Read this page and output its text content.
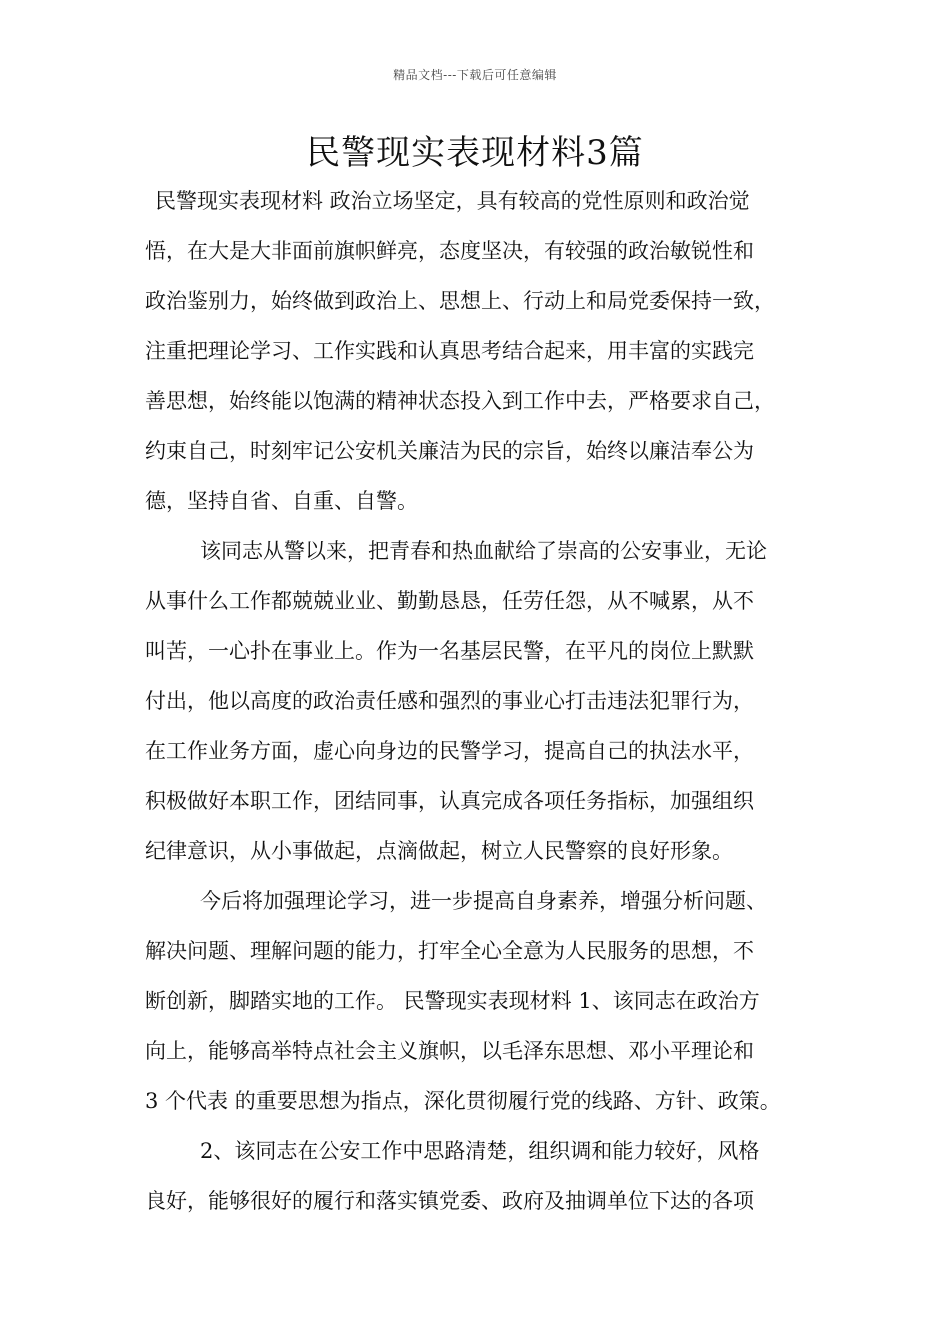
精品文档---下载后可任意编辑
民警现实表现材料3篇
民警现实表现材料 政治立场坚定，具有较高的党性原则和政治觉
悟，在大是大非面前旗帜鲜亮，态度坚决，有较强的政治敏锐性和
政治鉴别力，始终做到政治上、思想上、行动上和局党委保持一致，
注重把理论学习、工作实践和认真思考结合起来，用丰富的实践完
善思想，始终能以饱满的精神状态投入到工作中去，严格要求自己，
约束自己，时刻牢记公安机关廉洁为民的宗旨，始终以廉洁奉公为
德，坚持自省、自重、自警。
该同志从警以来，把青春和热血献给了崇高的公安事业，无论
从事什么工作都兢兢业业、勤勤恳恳，任劳任怨，从不喊累，从不
叫苦，一心扑在事业上。作为一名基层民警，在平凡的岗位上默默
付出，他以高度的政治责任感和强烈的事业心打击违法犯罪行为，
在工作业务方面，虚心向身边的民警学习，提高自己的执法水平，
积极做好本职工作，团结同事，认真完成各项任务指标，加强组织
纪律意识，从小事做起，点滴做起，树立人民警察的良好形象。
今后将加强理论学习，进一步提高自身素养，增强分析问题、
解决问题、理解问题的能力，打牢全心全意为人民服务的思想，不
断创新，脚踏实地的工作。 民警现实表现材料 1、该同志在政治方
向上，能够高举特点社会主义旗帜，以毛泽东思想、邓小平理论和
3 个代表 的重要思想为指点，深化贯彻履行党的线路、方针、政策。
2、该同志在公安工作中思路清楚，组织调和能力较好，风格
良好，能够很好的履行和落实镇党委、政府及抽调单位下达的各项
